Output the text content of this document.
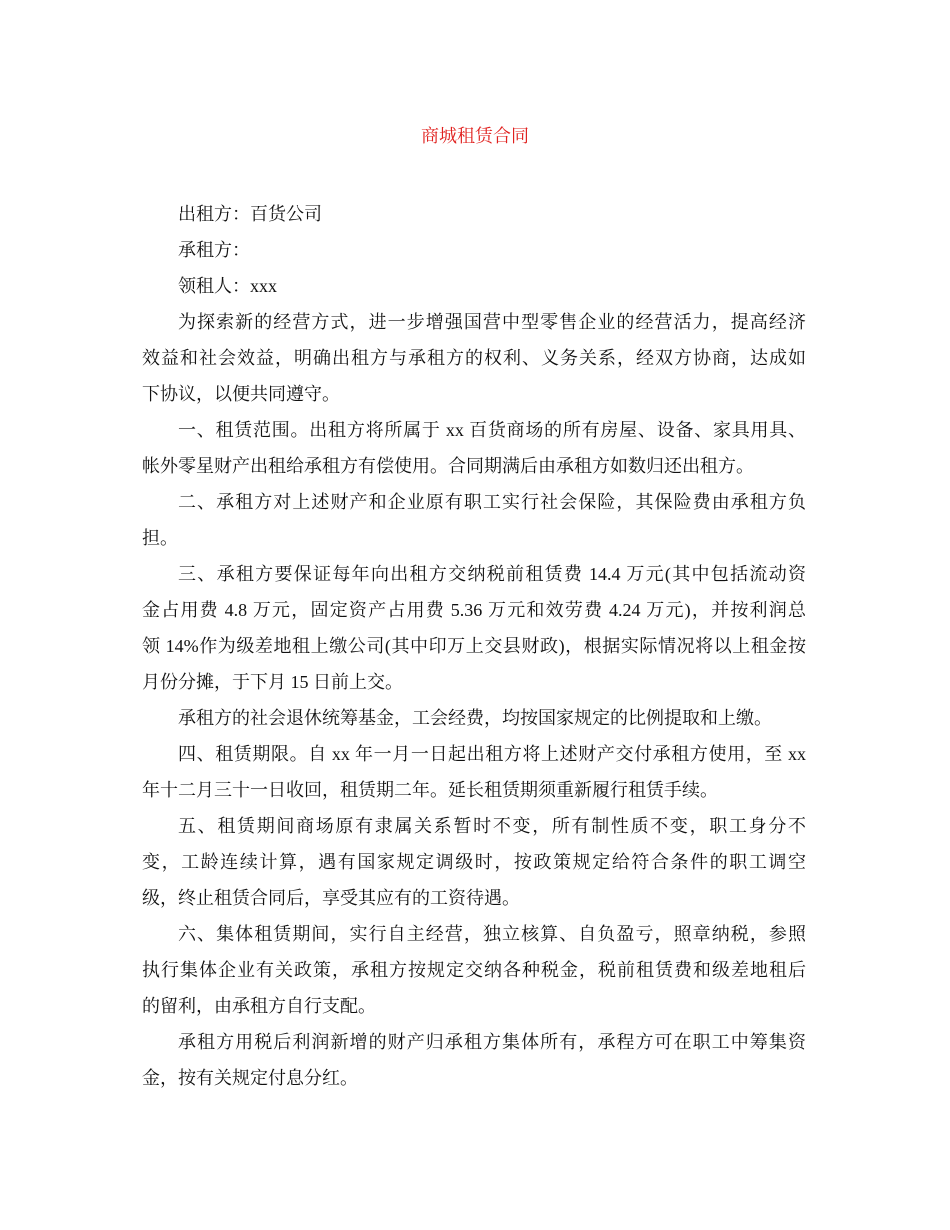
商城租赁合同
出租方：百货公司
承租方：
领租人：xxx
为探索新的经营方式，进一步增强国营中型零售企业的经营活力，提高经济
效益和社会效益，明确出租方与承租方的权利、义务关系，经双方协商，达成如
下协议，以便共同遵守。
一、租赁范围。出租方将所属于 xx 百货商场的所有房屋、设备、家具用具、
帐外零星财产出租给承租方有偿使用。合同期满后由承租方如数归还出租方。
二、承租方对上述财产和企业原有职工实行社会保险，其保险费由承租方负
担。
三、承租方要保证每年向出租方交纳税前租赁费 14.4 万元(其中包括流动资
金占用费 4.8 万元，固定资产占用费 5.36 万元和效劳费 4.24 万元)，并按利润总
领 14%作为级差地租上缴公司(其中印万上交县财政)，根据实际情况将以上租金按
月份分摊，于下月 15 日前上交。
承租方的社会退休统筹基金，工会经费，均按国家规定的比例提取和上缴。
四、租赁期限。自 xx 年一月一日起出租方将上述财产交付承租方使用，至 xx
年十二月三十一日收回，租赁期二年。延长租赁期须重新履行租赁手续。
五、租赁期间商场原有隶属关系暂时不变，所有制性质不变，职工身分不
变，工龄连续计算，遇有国家规定调级时，按政策规定给符合条件的职工调空
级，终止租赁合同后，享受其应有的工资待遇。
六、集体租赁期间，实行自主经营，独立核算、自负盈亏，照章纳税，参照
执行集体企业有关政策，承租方按规定交纳各种税金，税前租赁费和级差地租后
的留利，由承租方自行支配。
承租方用税后利润新增的财产归承租方集体所有，承程方可在职工中筹集资
金，按有关规定付息分红。
